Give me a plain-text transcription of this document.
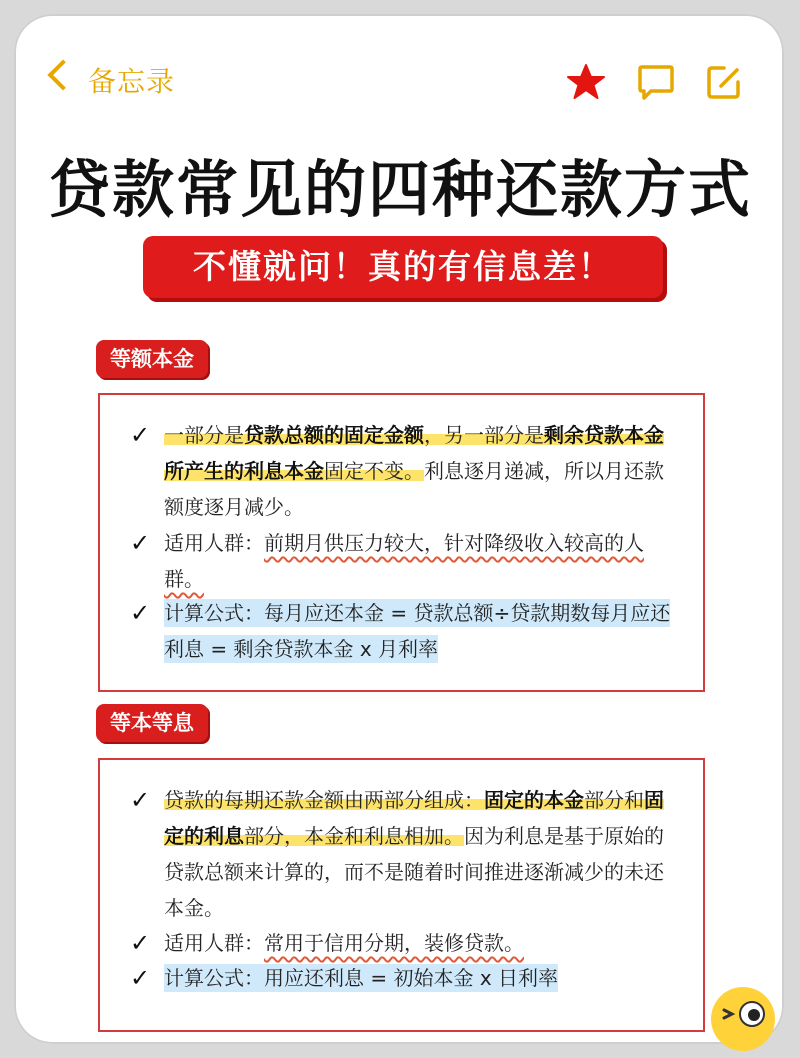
备忘录
贷款常见的四种还款方式
不懂就问！真的有信息差！
等额本金
✓ 一部分是贷款总额的固定金额，另一部分是剩余贷款本金所产生的利息本金固定不变。利息逐月递减，所以月还款额度逐月减少。
✓ 适用人群：前期月供压力较大，针对降级收入较高的人群。
✓ 计算公式：每月应还本金 = 贷款总额÷贷款期数每月应还利息 = 剩余贷款本金 x 月利率
等本等息
✓ 贷款的每期还款金额由两部分组成：固定的本金部分和固定的利息部分，本金和利息相加。因为利息是基于原始的贷款总额来计算的，而不是随着时间推进逐渐减少的未还本金。
✓ 适用人群：常用于信用分期，装修贷款。
✓ 计算公式：用应还利息 = 初始本金 x 日利率
